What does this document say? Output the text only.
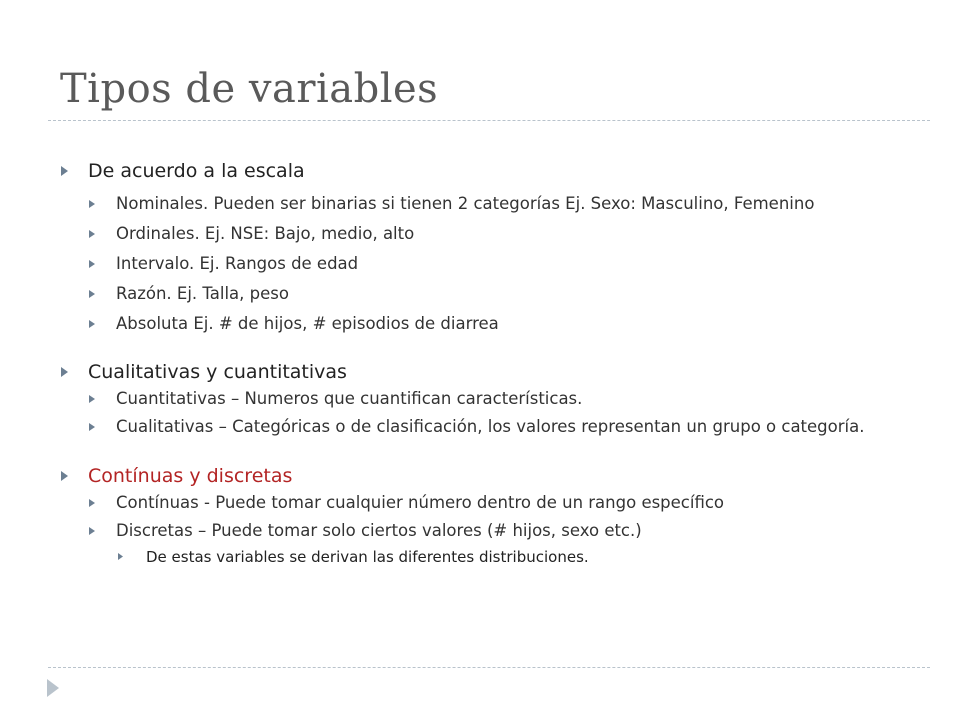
Tipos de variables
De acuerdo a la escala
Nominales. Pueden ser binarias si tienen 2 categorías Ej. Sexo: Masculino, Femenino
Ordinales. Ej. NSE: Bajo, medio, alto
Intervalo. Ej. Rangos de edad
Razón. Ej. Talla, peso
Absoluta Ej. # de hijos, # episodios de diarrea
Cualitativas y cuantitativas
Cuantitativas – Numeros que cuantifican características.
Cualitativas – Categóricas o de clasificación, los valores representan un grupo o categoría.
Contínuas y discretas
Contínuas - Puede tomar cualquier número dentro de un rango específico
Discretas – Puede tomar solo ciertos valores (# hijos, sexo etc.)
De estas variables se derivan las diferentes distribuciones.
